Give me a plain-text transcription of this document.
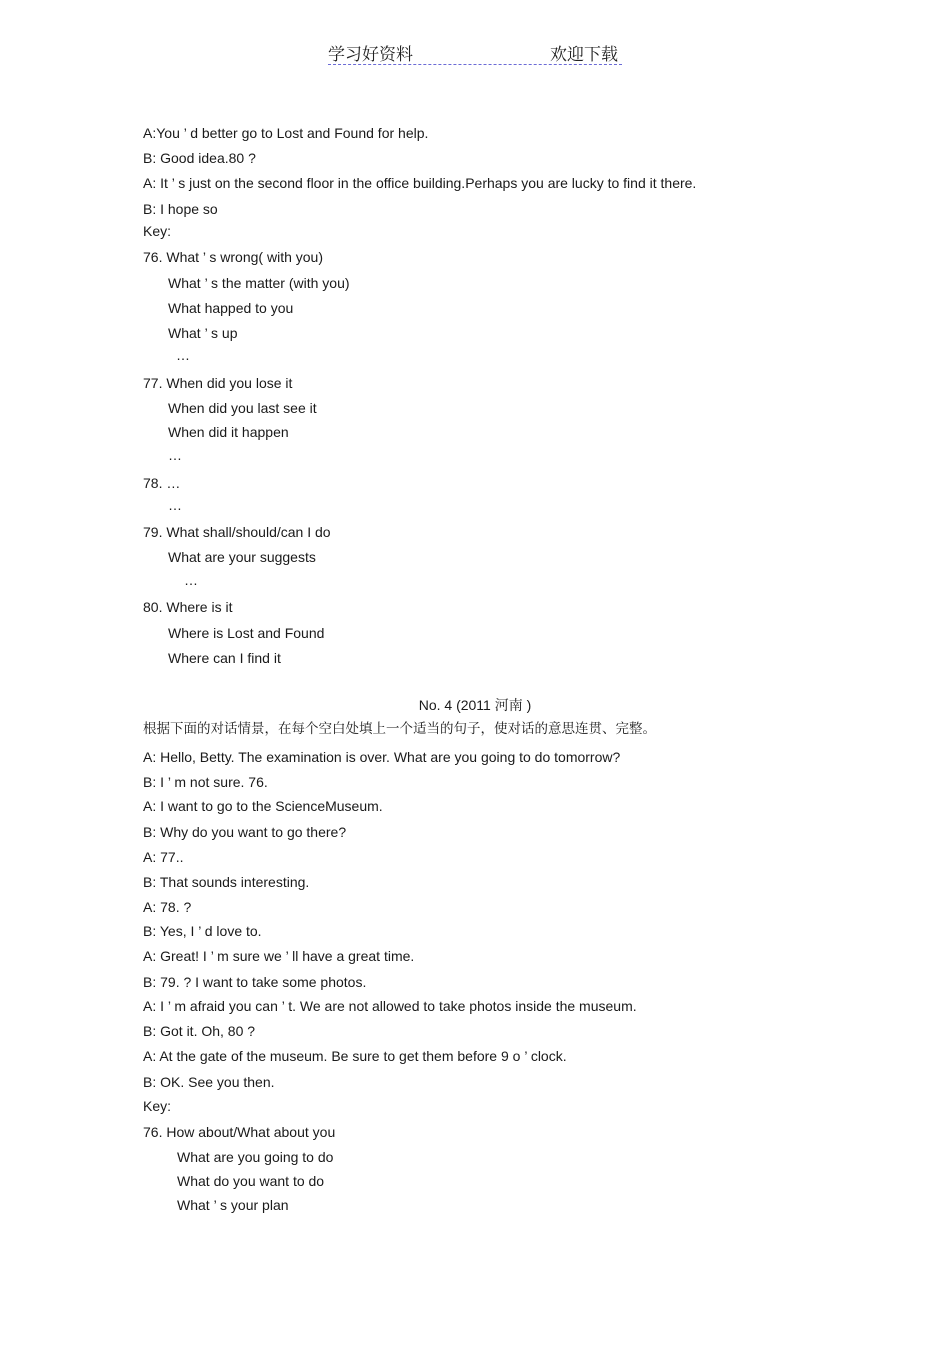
学习好资料	欢迎下载
A:You ’ d better go to Lost and Found for help.
B: Good idea.80 ?
A: It ’ s just on the second floor in the office building.Perhaps you are lucky to find it there.
B: I hope so
Key:
76. What ’ s wrong( with you)
What ’ s the matter (with you)
What happed to you
What ’ s up
…
77. When did you lose it
When did you last see it
When did it happen
…
78. …
…
79. What shall/should/can I do
What are your suggests
…
80. Where is it
Where is Lost and Found
Where can I find it
No. 4 (2011 河南 )
根据下面的对话情景，在每个空白处填上一个适当的句子，使对话的意思连贯、完整。
A: Hello, Betty. The examination is over. What are you going to do tomorrow?
B: I ’ m not sure. 76.
A: I want to go to the ScienceMuseum.
B: Why do you want to go there?
A: 77..
B: That sounds interesting.
A: 78. ?
B: Yes, I ’ d love to.
A: Great! I ’ m sure we ’ ll have a great time.
B: 79. ? I want to take some photos.
A: I ’ m afraid you can ’ t. We are not allowed to take photos inside the museum.
B: Got it. Oh, 80 ?
A: At the gate of the museum. Be sure to get them before 9 o ’ clock.
B: OK. See you then.
Key:
76. How about/What about you
What are you going to do
What do you want to do
What ’ s your plan
